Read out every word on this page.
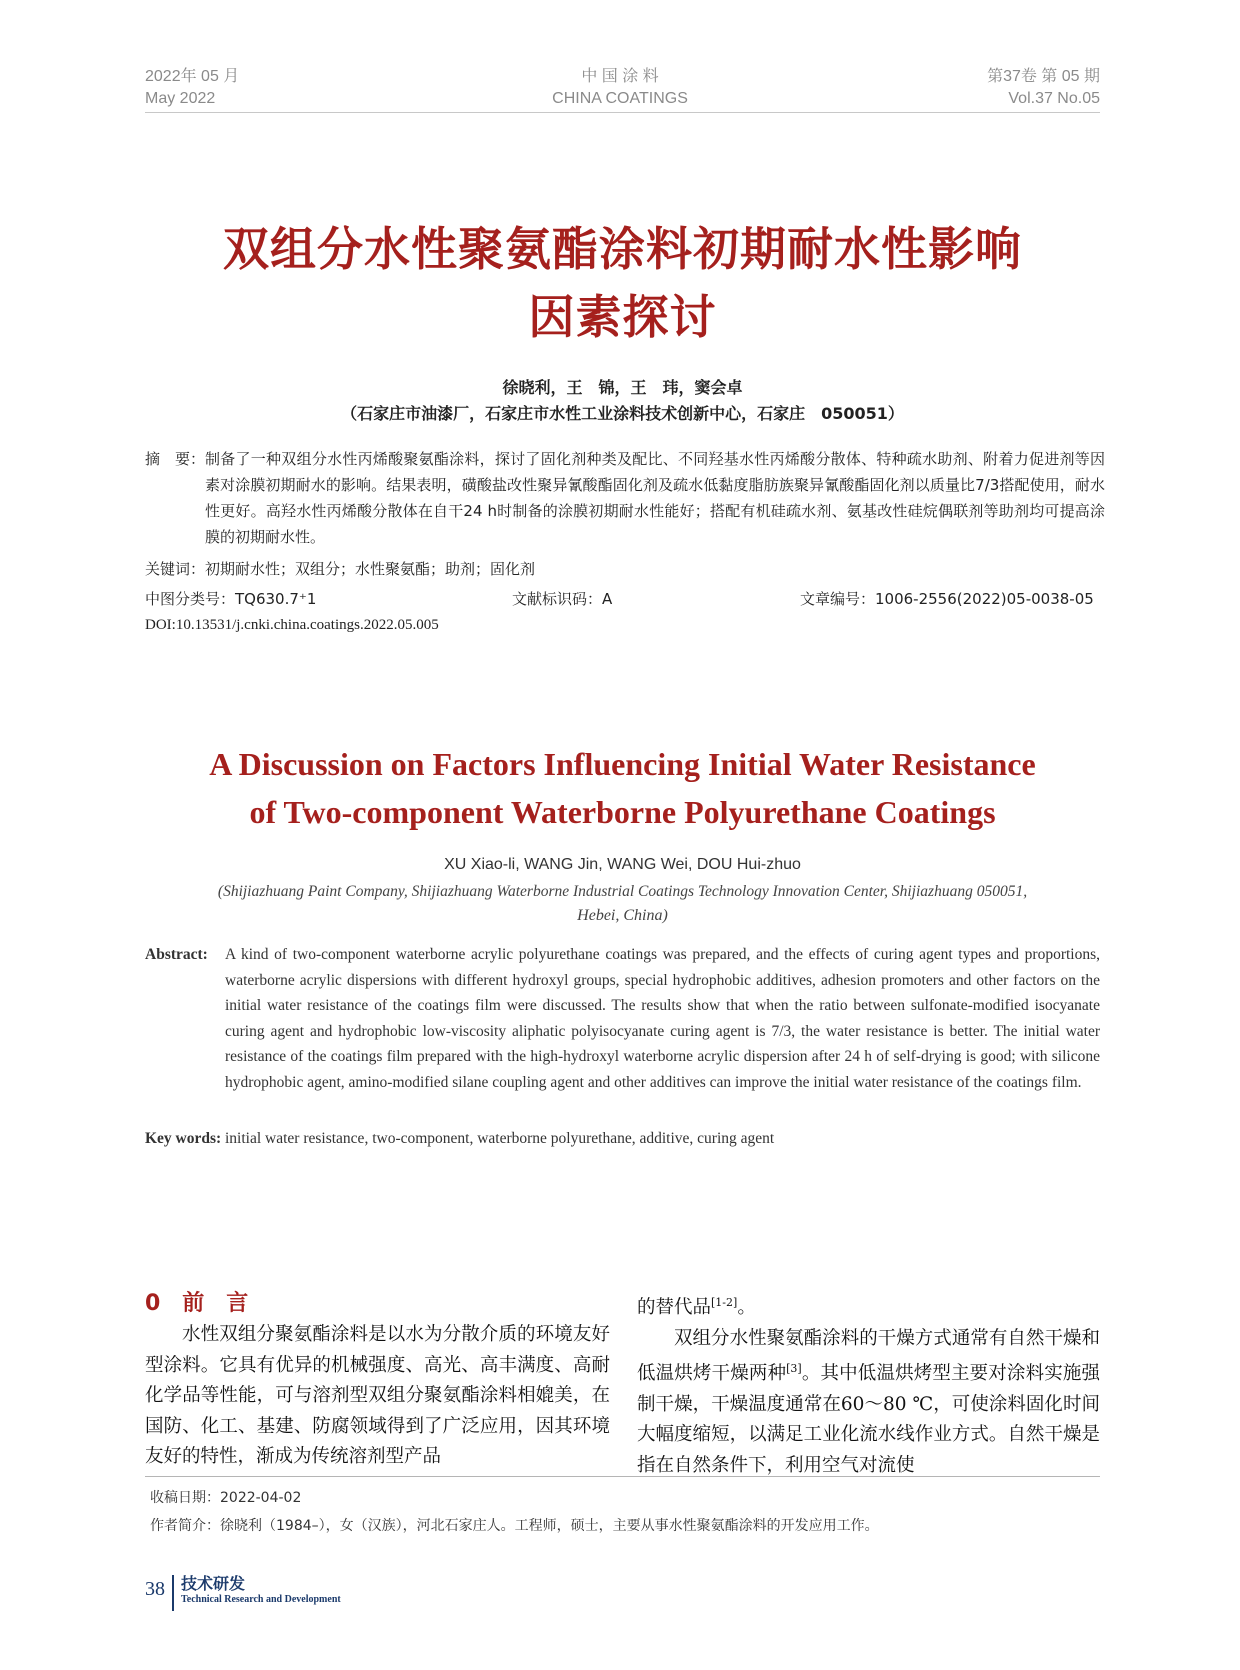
2022年 05 月
May 2022
中 国 涂 料
CHINA COATINGS
第37卷 第 05 期
Vol.37 No.05
双组分水性聚氨酯涂料初期耐水性影响
因素探讨
徐晓利，王　锦，王　玮，窦会卓
（石家庄市油漆厂，石家庄市水性工业涂料技术创新中心，石家庄　050051）
摘　要： 制备了一种双组分水性丙烯酸聚氨酯涂料，探讨了固化剂种类及配比、不同羟基水性丙烯酸分散体、特种疏水助剂、附着力促进剂等因素对涂膜初期耐水的影响。结果表明，磺酸盐改性聚异氰酸酯固化剂及疏水低黏度脂肪族聚异氰酸酯固化剂以质量比7/3搭配使用，耐水性更好。高羟水性丙烯酸分散体在自干24 h时制备的涂膜初期耐水性能好；搭配有机硅疏水剂、氨基改性硅烷偶联剂等助剂均可提高涂膜的初期耐水性。
关键词：初期耐水性；双组分；水性聚氨酯；助剂；固化剂
中图分类号：TQ630.7⁺1	文献标识码：A	文章编号：1006-2556(2022)05-0038-05
DOI:10.13531/j.cnki.china.coatings.2022.05.005
A Discussion on Factors Influencing Initial Water Resistance
of Two-component Waterborne Polyurethane Coatings
XU Xiao-li, WANG Jin, WANG Wei, DOU Hui-zhuo
(Shijiazhuang Paint Company, Shijiazhuang Waterborne Industrial Coatings Technology Innovation Center, Shijiazhuang 050051,
Hebei, China)
Abstract:	A kind of two-component waterborne acrylic polyurethane coatings was prepared, and the effects of curing agent types and proportions, waterborne acrylic dispersions with different hydroxyl groups, special hydrophobic additives, adhesion promoters and other factors on the initial water resistance of the coatings film were discussed. The results show that when the ratio between sulfonate-modified isocyanate curing agent and hydrophobic low-viscosity aliphatic polyisocyanate curing agent is 7/3, the water resistance is better. The initial water resistance of the coatings film prepared with the high-hydroxyl waterborne acrylic dispersion after 24 h of self-drying is good; with silicone hydrophobic agent, amino-modified silane coupling agent and other additives can improve the initial water resistance of the coatings film.
Key words: initial water resistance, two-component, waterborne polyurethane, additive, curing agent
0　前　言
水性双组分聚氨酯涂料是以水为分散介质的环境友好型涂料。它具有优异的机械强度、高光、高丰满度、高耐化学品等性能，可与溶剂型双组分聚氨酯涂料相媲美，在国防、化工、基建、防腐领域得到了广泛应用，因其环境友好的特性，渐成为传统溶剂型产品
的替代品[1-2]。
双组分水性聚氨酯涂料的干燥方式通常有自然干燥和低温烘烤干燥两种[3]。其中低温烘烤型主要对涂料实施强制干燥，干燥温度通常在60～80 ℃，可使涂料固化时间大幅度缩短，以满足工业化流水线作业方式。自然干燥是指在自然条件下，利用空气对流使
收稿日期：2022-04-02
作者简介：徐晓利（1984–），女（汉族），河北石家庄人。工程师，硕士，主要从事水性聚氨酯涂料的开发应用工作。
38 技术研发
Technical Research and Development
